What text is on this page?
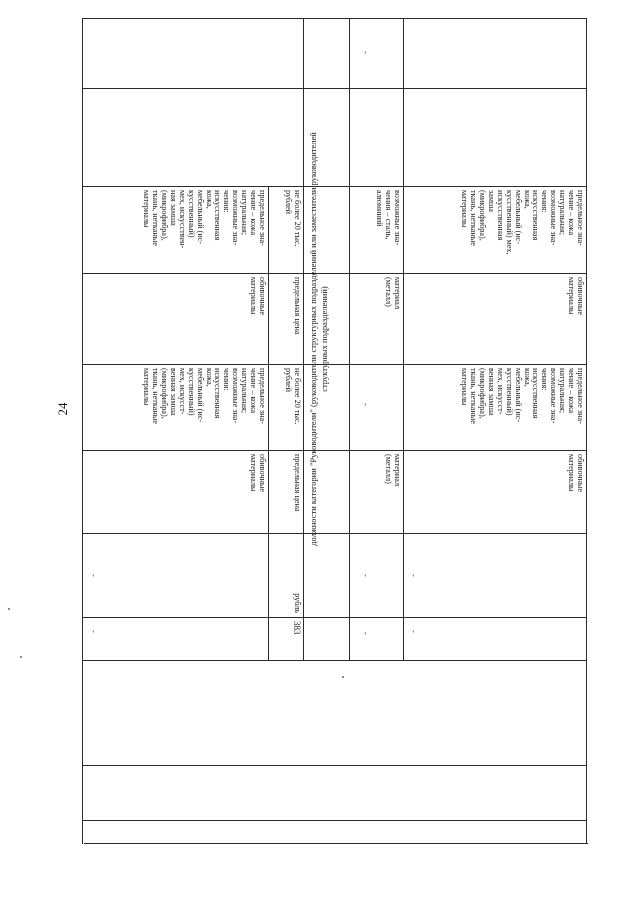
24
-
-
обивочные
материалы
предельное зна-
чение – кожа
натуральная;
возможные зна-
чения:
искусственная
кожа,
мебельный (ис-
кусственный)
мех, искусст-
венная замша
(микрофибра),
ткань, нетканые
материалы
обивочные
материалы
предельное зна-
чение – кожа
натуральная;
возможные зна-
чения:
искусственная
кожа,
мебельный (ис-
кусственный)
мех, искусствен-
ная замша
(микрофибра),
ткань, нетканые
материалы
383
рубль
предельная цена
не более 20 тыс.
рублей
предельная цена
не более 20 тыс.
рублей
должности категории "Руководители" (руководители структурных подразделений или заместители руководителей
структурных подразделений)
-
-
материал
(металл)
-
материал
(металл)
возможные зна-
чения – сталь,
алюминий
-
-
-
обивочные
материалы
предельное зна-
чение – кожа
натуральная;
возможные зна-
чения:
искусственная
кожа,
мебельный (ис-
кусственный)
мех, искусст-
венная замша
(микрофибра),
ткань, нетканые
материалы
обивочные
материалы
предельное зна-
чение – кожа
натуральная;
возможные зна-
чения:
искусственная
кожа,
мебельный (ис-
кусственный) мех,
искусственная
замша
(микрофибра),
ткань, нетканые
материалы
